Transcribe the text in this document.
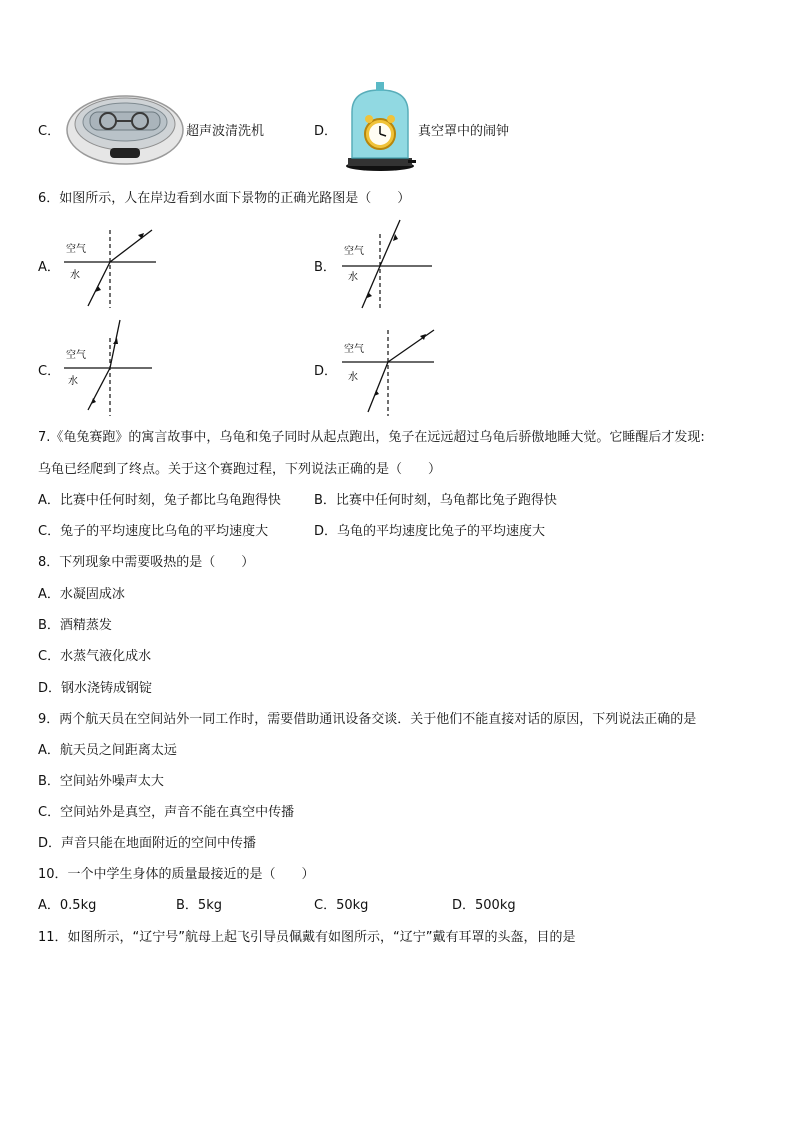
C．	超声波清洗机	D．	真空罩中的闹钟
6．如图所示，人在岸边看到水面下景物的正确光路图是（　　）
A．
空气
水
B．
空气
水
C．
空气
水
D．
空气
水
7.《龟兔赛跑》的寓言故事中，乌龟和兔子同时从起点跑出，兔子在远远超过乌龟后骄傲地睡大觉。它睡醒后才发现:
乌龟已经爬到了终点。关于这个赛跑过程，下列说法正确的是（　　）
A．比赛中任何时刻，兔子都比乌龟跑得快	B．比赛中任何时刻，乌龟都比兔子跑得快
C．兔子的平均速度比乌龟的平均速度大	D．乌龟的平均速度比兔子的平均速度大
8．下列现象中需要吸热的是（　　）
A．水凝固成冰
B．酒精蒸发
C．水蒸气液化成水
D．钢水浇铸成钢锭
9．两个航天员在空间站外一同工作时，需要借助通讯设备交谈．关于他们不能直接对话的原因，下列说法正确的是
A．航天员之间距离太远
B．空间站外噪声太大
C．空间站外是真空，声音不能在真空中传播
D．声音只能在地面附近的空间中传播
10．一个中学生身体的质量最接近的是（　　）
A．0.5kg	B．5kg	C．50kg	D．500kg
11．如图所示，“辽宁号”航母上起飞引导员佩戴有如图所示，“辽宁”戴有耳罩的头盔，目的是
